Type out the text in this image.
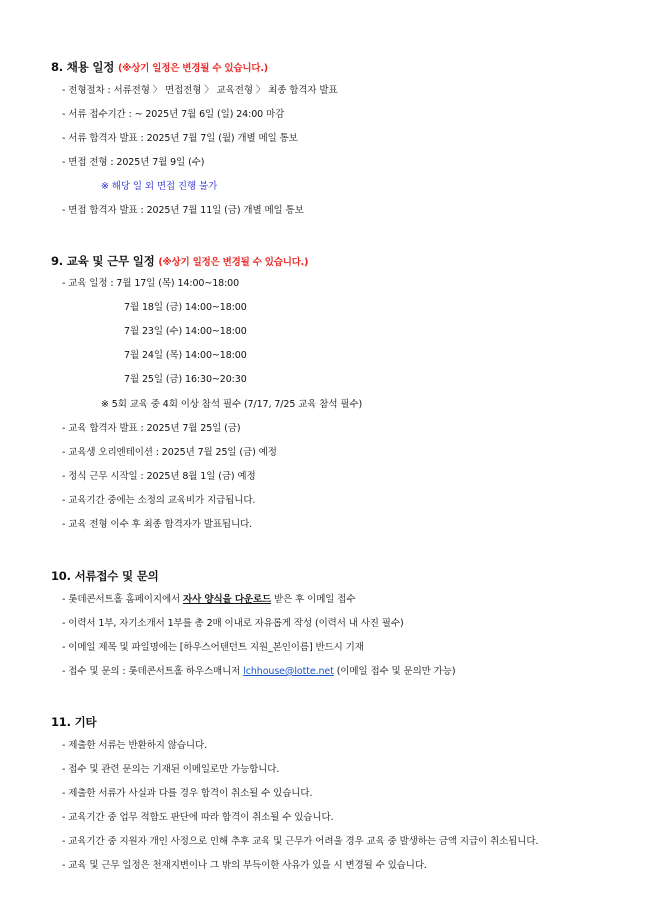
8. 채용 일정 (※상기 일정은 변경될 수 있습니다.)
- 전형절차 : 서류전형 〉 면접전형 〉 교육전형 〉 최종 합격자 발표
- 서류 접수기간 : ~ 2025년 7월 6일 (일) 24:00 마감
- 서류 합격자 발표 : 2025년 7월 7일 (월) 개별 메일 통보
- 면접 전형 : 2025년 7월 9일 (수)
※ 해당 일 외 면접 진행 불가
- 면접 합격자 발표 : 2025년 7월 11일 (금) 개별 메일 통보
9. 교육 및 근무 일정 (※상기 일정은 변경될 수 있습니다.)
- 교육 일정 : 7월 17일 (목) 14:00~18:00
7월 18일 (금) 14:00~18:00
7월 23일 (수) 14:00~18:00
7월 24일 (목) 14:00~18:00
7월 25일 (금) 16:30~20:30
※ 5회 교육 중 4회 이상 참석 필수 (7/17, 7/25 교육 참석 필수)
- 교육 합격자 발표 : 2025년 7월 25일 (금)
- 교육생 오리엔테이션 : 2025년 7월 25일 (금) 예정
- 정식 근무 시작일 : 2025년 8월 1일 (금) 예정
- 교육기간 중에는 소정의 교육비가 지급됩니다.
- 교육 전형 이수 후 최종 합격자가 발표됩니다.
10. 서류접수 및 문의
- 롯데콘서트홀 홈페이지에서 자사 양식을 다운로드 받은 후 이메일 접수
- 이력서 1부, 자기소개서 1부를 총 2매 이내로 자유롭게 작성 (이력서 내 사진 필수)
- 이메일 제목 및 파일명에는 [하우스어텐던트 지원_본인이름] 반드시 기재
- 접수 및 문의 : 롯데콘서트홀 하우스매니저 lchhouse@lotte.net (이메일 접수 및 문의만 가능)
11. 기타
- 제출한 서류는 반환하지 않습니다.
- 접수 및 관련 문의는 기재된 이메일로만 가능합니다.
- 제출한 서류가 사실과 다를 경우 합격이 취소될 수 있습니다.
- 교육기간 중 업무 적합도 판단에 따라 합격이 취소될 수 있습니다.
- 교육기간 중 지원자 개인 사정으로 인해 추후 교육 및 근무가 어려울 경우 교육 중 발생하는 금액 지급이 취소됩니다.
- 교육 및 근무 일정은 천재지변이나 그 밖의 부득이한 사유가 있을 시 변경될 수 있습니다.
